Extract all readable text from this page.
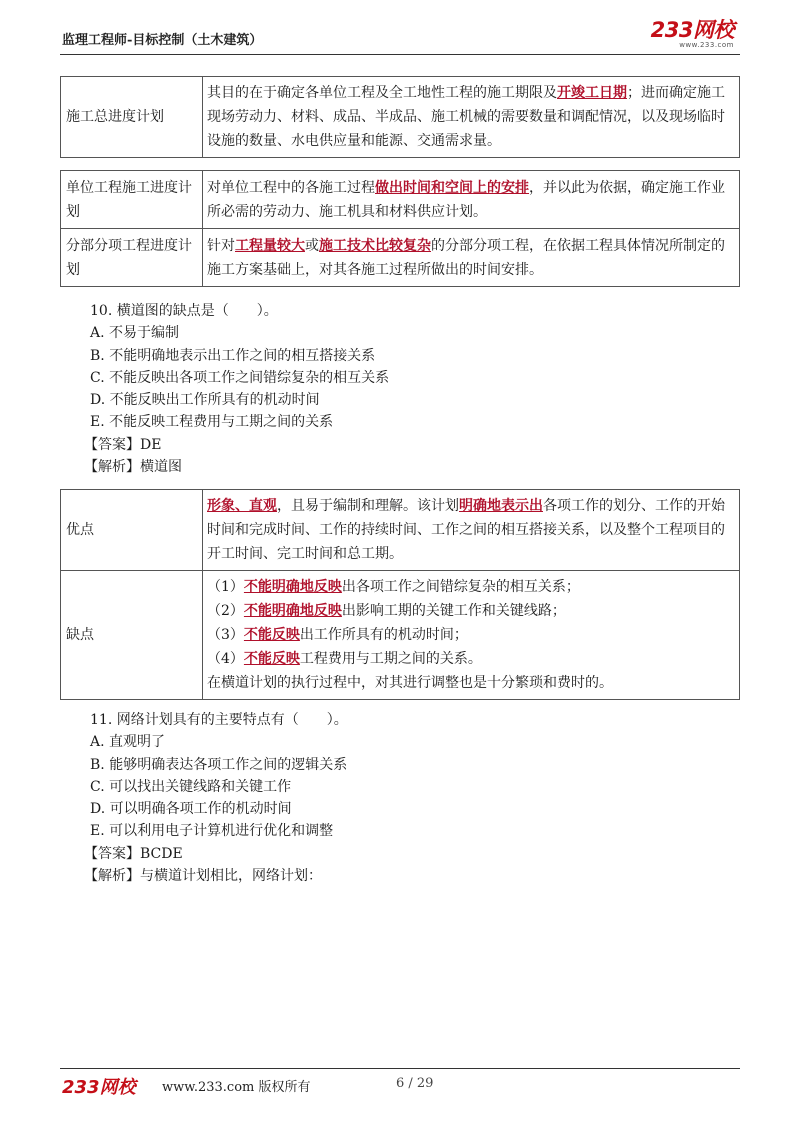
监理工程师-目标控制（土木建筑）	233网校
www.233.com
施工总进度计划	其目的在于确定各单位工程及全工地性工程的施工期限及开竣工日期；进而确定施工现场劳动力、材料、成品、半成品、施工机械的需要数量和调配情况，以及现场临时设施的数量、水电供应量和能源、交通需求量。
单位工程施工进度计划	对单位工程中的各施工过程做出时间和空间上的安排，并以此为依据，确定施工作业所必需的劳动力、施工机具和材料供应计划。
分部分项工程进度计划	针对工程量较大或施工技术比较复杂的分部分项工程，在依据工程具体情况所制定的施工方案基础上，对其各施工过程所做出的时间安排。
10. 横道图的缺点是（　　）。
A. 不易于编制
B. 不能明确地表示出工作之间的相互搭接关系
C. 不能反映出各项工作之间错综复杂的相互关系
D. 不能反映出工作所具有的机动时间
E. 不能反映工程费用与工期之间的关系
【答案】DE
【解析】横道图
优点	形象、直观，且易于编制和理解。该计划明确地表示出各项工作的划分、工作的开始时间和完成时间、工作的持续时间、工作之间的相互搭接关系，以及整个工程项目的开工时间、完工时间和总工期。
缺点	（1）不能明确地反映出各项工作之间错综复杂的相互关系；
（2）不能明确地反映出影响工期的关键工作和关键线路；
（3）不能反映出工作所具有的机动时间；
（4）不能反映工程费用与工期之间的关系。
在横道计划的执行过程中，对其进行调整也是十分繁琐和费时的。
11. 网络计划具有的主要特点有（　　）。
A. 直观明了
B. 能够明确表达各项工作之间的逻辑关系
C. 可以找出关键线路和关键工作
D. 可以明确各项工作的机动时间
E. 可以利用电子计算机进行优化和调整
【答案】BCDE
【解析】与横道计划相比，网络计划：
233网校 www.233.com 版权所有	6 / 29
